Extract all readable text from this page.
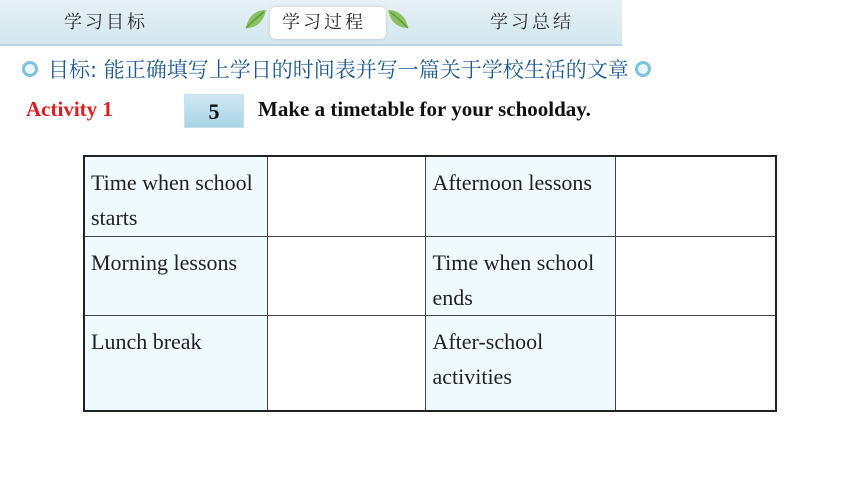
学习目标	学习过程	学习总结
目标: 能正确填写上学日的时间表并写一篇关于学校生活的文章
Activity 1	5	Make a timetable for your schoolday.
Time when school starts		Afternoon lessons	
Morning lessons		Time when school ends	
Lunch break		After-school activities	
